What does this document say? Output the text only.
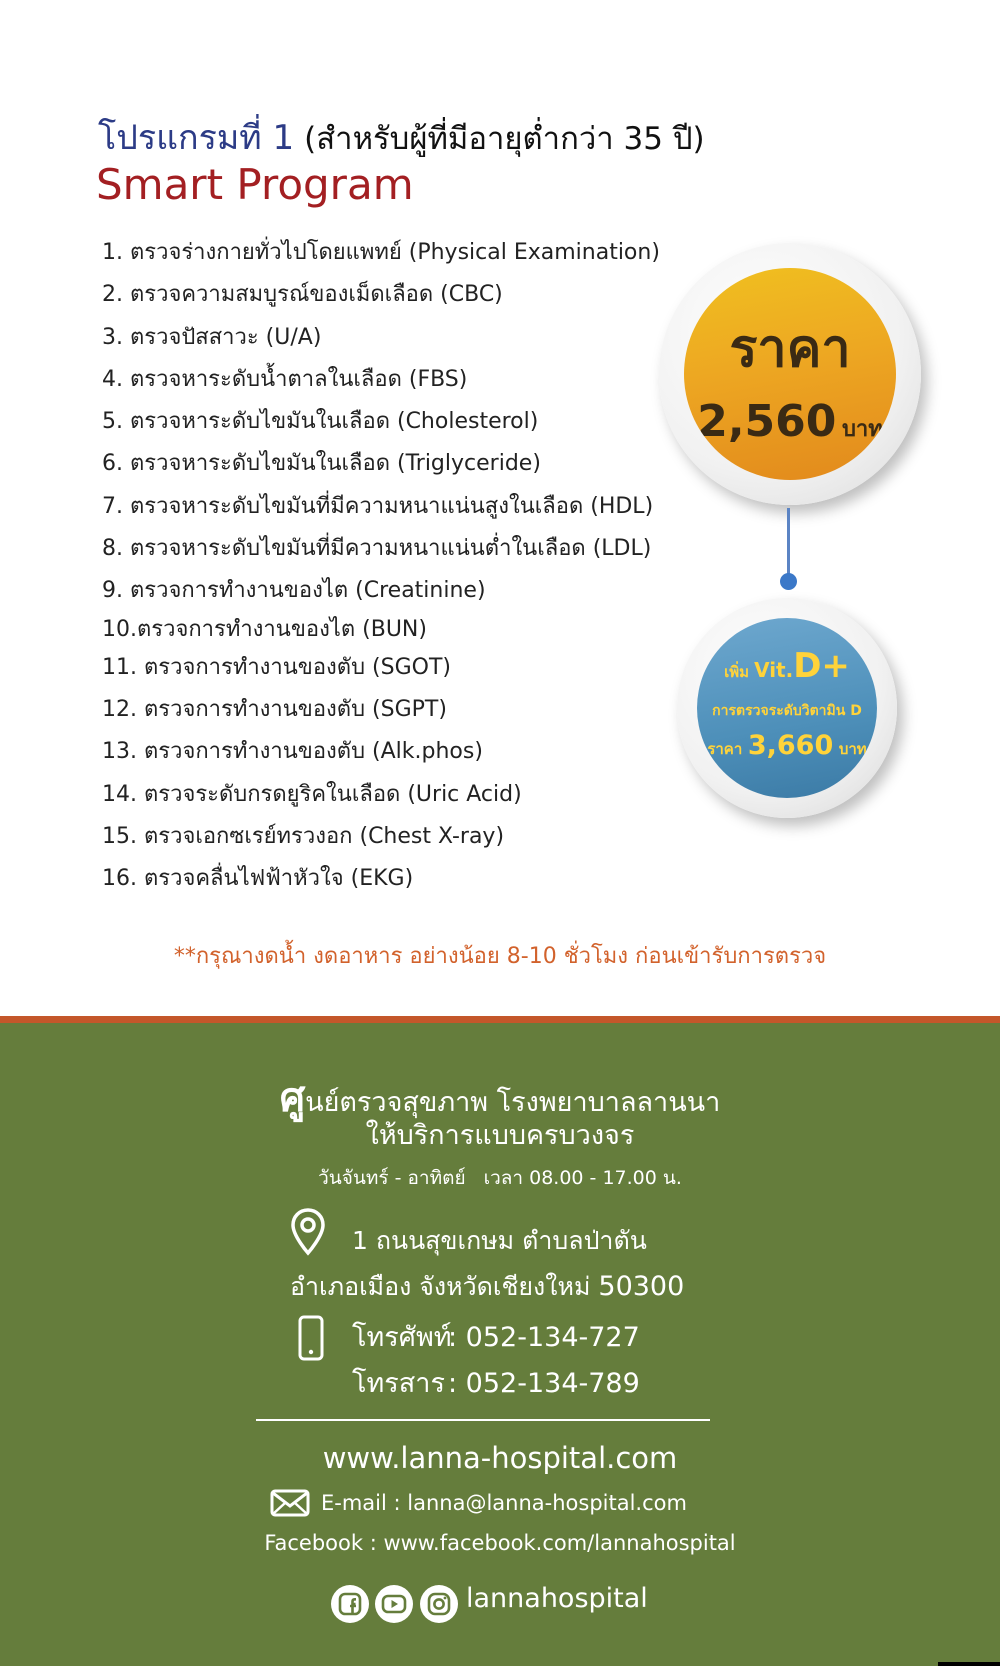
โปรแกรมที่ 1 (สำหรับผู้ที่มีอายุต่ำกว่า 35 ปี)
Smart Program
1. ตรวจร่างกายทั่วไปโดยแพทย์ (Physical Examination)
2. ตรวจความสมบูรณ์ของเม็ดเลือด (CBC)
3. ตรวจปัสสาวะ (U/A)
4. ตรวจหาระดับน้ำตาลในเลือด (FBS)
5. ตรวจหาระดับไขมันในเลือด (Cholesterol)
6. ตรวจหาระดับไขมันในเลือด (Triglyceride)
7. ตรวจหาระดับไขมันที่มีความหนาแน่นสูงในเลือด (HDL)
8. ตรวจหาระดับไขมันที่มีความหนาแน่นต่ำในเลือด (LDL)
9. ตรวจการทำงานของไต (Creatinine)
10.ตรวจการทำงานของไต (BUN)
11. ตรวจการทำงานของตับ (SGOT)
12. ตรวจการทำงานของตับ (SGPT)
13. ตรวจการทำงานของตับ (Alk.phos)
14. ตรวจระดับกรดยูริคในเลือด (Uric Acid)
15. ตรวจเอกซเรย์ทรวงอก (Chest X-ray)
16. ตรวจคลื่นไฟฟ้าหัวใจ (EKG)
ราคา
2,560 บาท
เพิ่ม Vit.D+
การตรวจระดับวิตามิน D
ราคา 3,660 บาท
**กรุณางดน้ำ งดอาหาร อย่างน้อย 8-10 ชั่วโมง ก่อนเข้ารับการตรวจ
ศูนย์ตรวจสุขภาพ โรงพยาบาลลานนา
ให้บริการแบบครบวงจร
วันจันทร์ - อาทิตย์ เวลา 08.00 - 17.00 น.
1 ถนนสุขเกษม ตำบลป่าตัน
อำเภอเมือง จังหวัดเชียงใหม่ 50300
โทรศัพท์: 052-134-727
โทรสาร : 052-134-789
www.lanna-hospital.com
E-mail : lanna@lanna-hospital.com
Facebook : www.facebook.com/lannahospital
lannahospital
